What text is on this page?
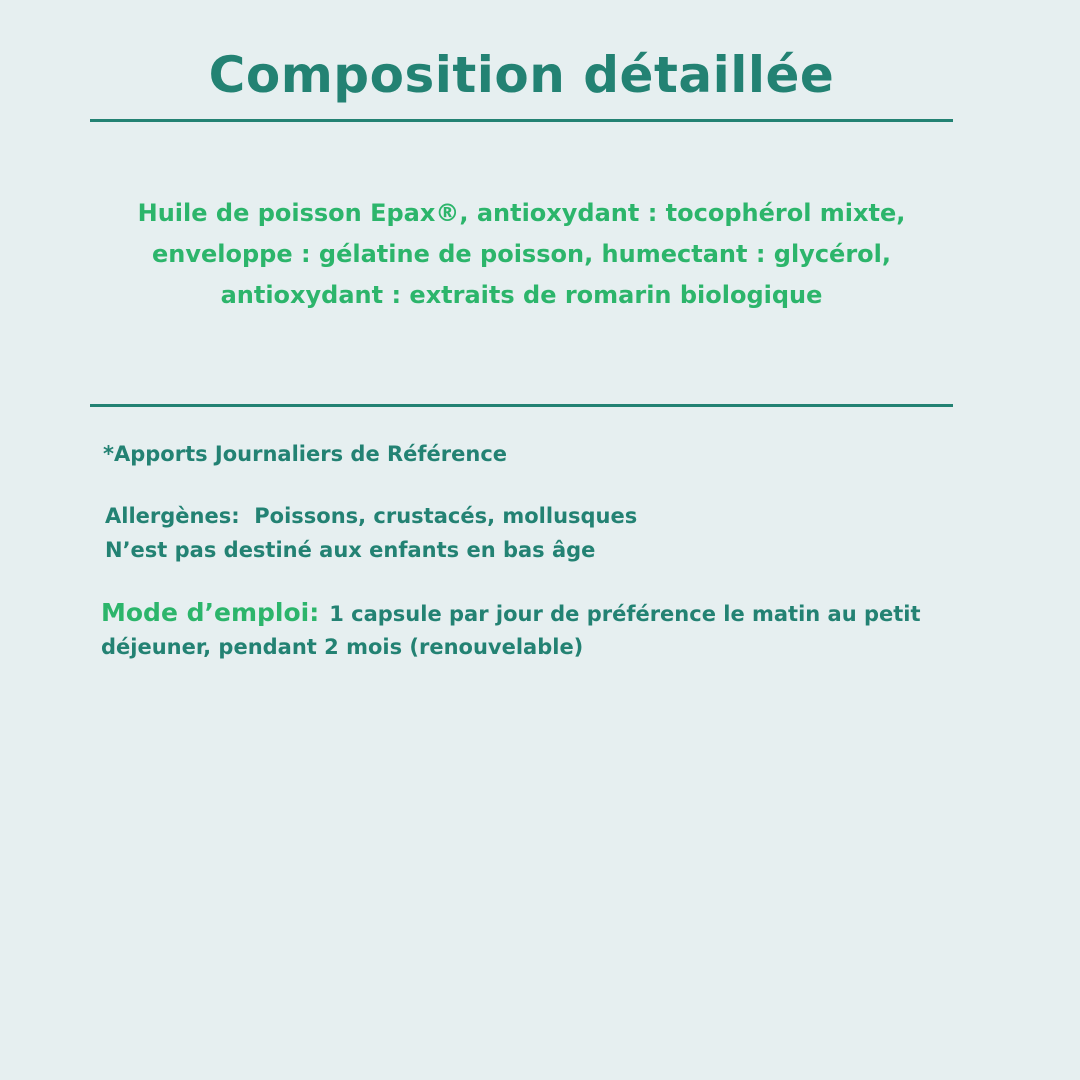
Composition détaillée

Huile de poisson Epax®, antioxydant : tocophérol mixte,
enveloppe : gélatine de poisson, humectant : glycérol,
antioxydant : extraits de romarin biologique

*Apports Journaliers de Référence

Allergènes: Poissons, crustacés, mollusques
N’est pas destiné aux enfants en bas âge

Mode d’emploi: 1 capsule par jour de préférence le matin au petit déjeuner, pendant 2 mois (renouvelable)
